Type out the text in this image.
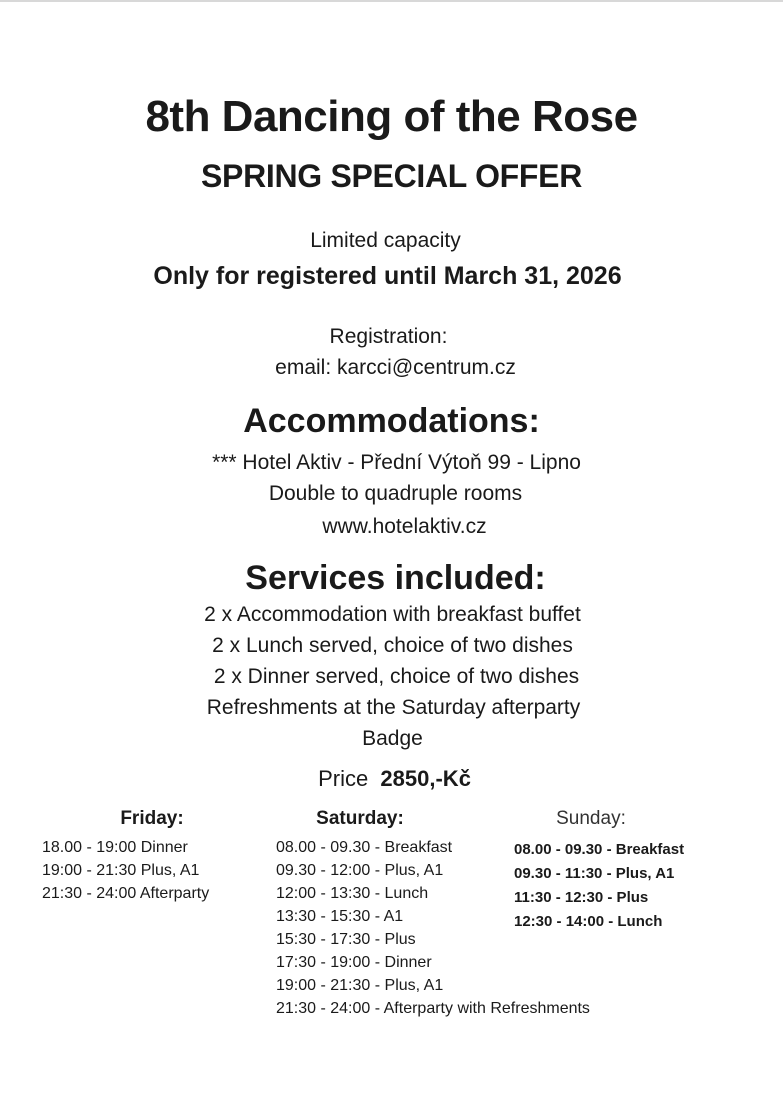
8th Dancing of the Rose
SPRING SPECIAL OFFER
Limited capacity
Only for registered until March 31, 2026
Registration:
email: karcci@centrum.cz
Accommodations:
*** Hotel Aktiv - Přední Výtoň 99 - Lipno
Double to quadruple rooms
www.hotelaktiv.cz
Services included:
2 x Accommodation with breakfast buffet
2 x Lunch served, choice of two dishes
2 x Dinner served, choice of two dishes
Refreshments at the Saturday afterparty
Badge
Price 2850,-Kč
Friday:	Saturday:	Sunday:
18.00 - 19:00 Dinner
19:00 - 21:30 Plus, A1
21:30 - 24:00 Afterparty
08.00 - 09.30 - Breakfast
09.30 - 12:00 - Plus, A1
12:00 - 13:30 - Lunch
13:30 - 15:30 - A1
15:30 - 17:30 - Plus
17:30 - 19:00 - Dinner
19:00 - 21:30 - Plus, A1
21:30 - 24:00 - Afterparty with Refreshments
08.00 - 09.30 - Breakfast
09.30 - 11:30 - Plus, A1
11:30 - 12:30 - Plus
12:30 - 14:00 - Lunch
